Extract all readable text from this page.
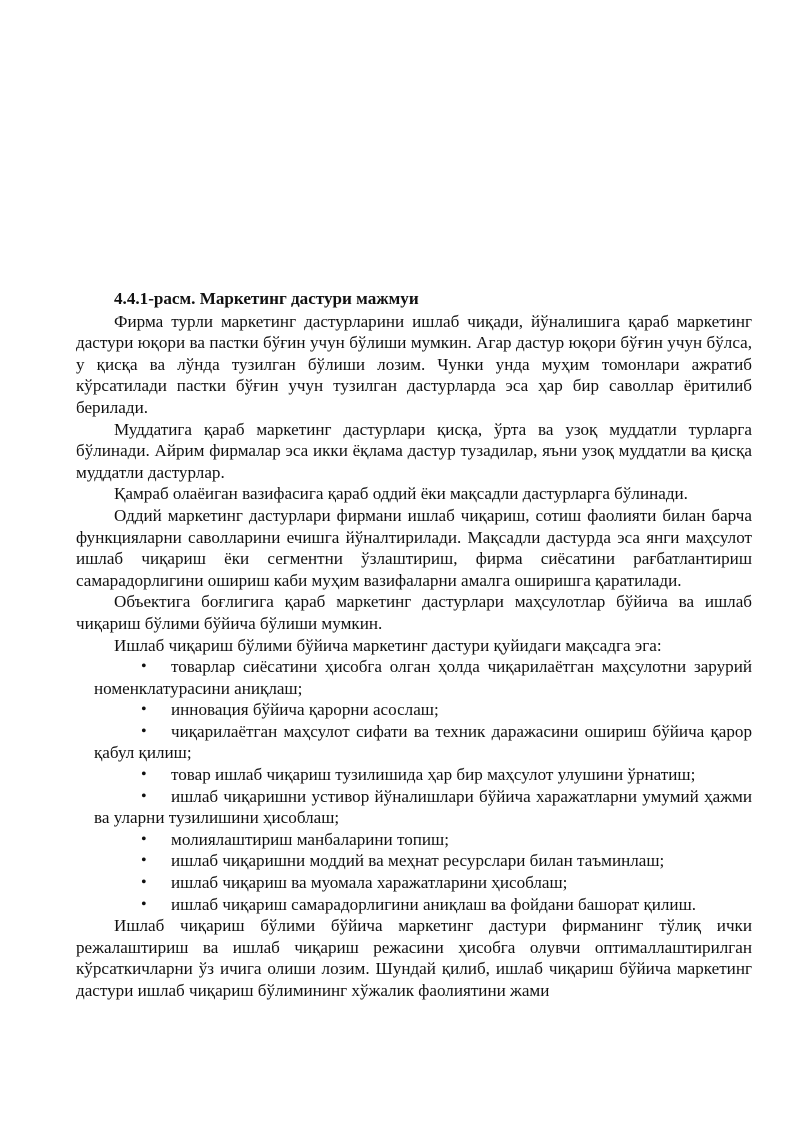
4.4.1-расм. Маркетинг дастури мажмуи

Фирма турли маркетинг дастурларини ишлаб чиқади, йўналишига қараб маркетинг дастури юқори ва пастки бўғин учун бўлиши мумкин. Агар дастур юқори бўғин учун бўлса, у қисқа ва лўнда тузилган бўлиши лозим. Чунки унда муҳим томонлари ажратиб кўрсатилади пастки бўғин учун тузилган дастурларда эса ҳар бир саволлар ёритилиб берилади.

Муддатига қараб маркетинг дастурлари қисқа, ўрта ва узоқ муддатли турларга бўлинади. Айрим фирмалар эса икки ёқлама дастур тузадилар, яъни узоқ муддатли ва қисқа муддатли дастурлар.

Қамраб олаёиган вазифасига қараб оддий ёки мақсадли дастурларга бўлинади.

Оддий маркетинг дастурлари фирмани ишлаб чиқариш, сотиш фаолияти билан барча функцияларни саволларини ечишга йўналтирилади. Мақсадли дастурда эса янги маҳсулот ишлаб чиқариш ёки сегментни ўзлаштириш, фирма сиёсатини рағбатлантириш самарадорлигини ошириш каби муҳим вазифаларни амалга оширишга қаратилади.

Объектига боғлигига қараб маркетинг дастурлари маҳсулотлар бўйича ва ишлаб чиқариш бўлими бўйича бўлиши мумкин.

Ишлаб чиқариш бўлими бўйича маркетинг дастури қуйидаги мақсадга эга:

• товарлар сиёсатини ҳисобга олган ҳолда чиқарилаётган маҳсулотни зарурий номенклатурасини аниқлаш;
• инновация бўйича қарорни асослаш;
• чиқарилаётган маҳсулот сифати ва техник даражасини ошириш бўйича қарор қабул қилиш;
• товар ишлаб чиқариш тузилишида ҳар бир маҳсулот улушини ўрнатиш;
• ишлаб чиқаришни устивор йўналишлари бўйича харажатларни умумий ҳажми ва уларни тузилишини ҳисоблаш;
• молиялаштириш манбаларини топиш;
• ишлаб чиқаришни моддий ва меҳнат ресурслари билан таъминлаш;
• ишлаб чиқариш ва муомала харажатларини ҳисоблаш;
• ишлаб чиқариш самарадорлигини аниқлаш ва фойдани башорат қилиш.

Ишлаб чиқариш бўлими бўйича маркетинг дастури фирманинг тўлиқ ички режалаштириш ва ишлаб чиқариш режасини ҳисобга олувчи оптималлаштирилган кўрсаткичларни ўз ичига олиши лозим. Шундай қилиб, ишлаб чиқариш бўйича маркетинг дастури ишлаб чиқариш бўлимининг хўжалик фаолиятини жами
